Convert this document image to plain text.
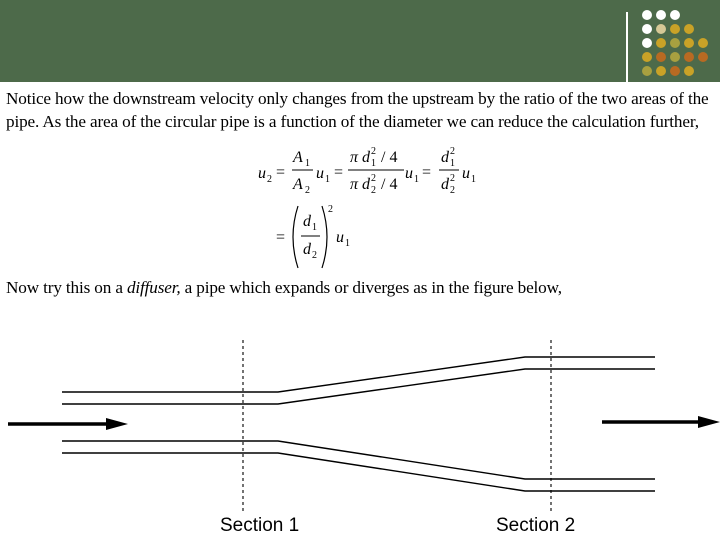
Notice how the downstream velocity only changes from the upstream by the ratio of the two areas of the
pipe. As the area of the circular pipe is a function of the diameter we can reduce the calculation further,
u 2 =
A 1
A 2
u 1 =
π d 2
1 / 4
π d 2
2 / 4
u 1 =
d 2
1
d 2
2
u 1
=
d 1
d 2
2
u 1
Now try this on a diffuser, a pipe which expands or diverges as in the figure below,
Section 1	Section 2
